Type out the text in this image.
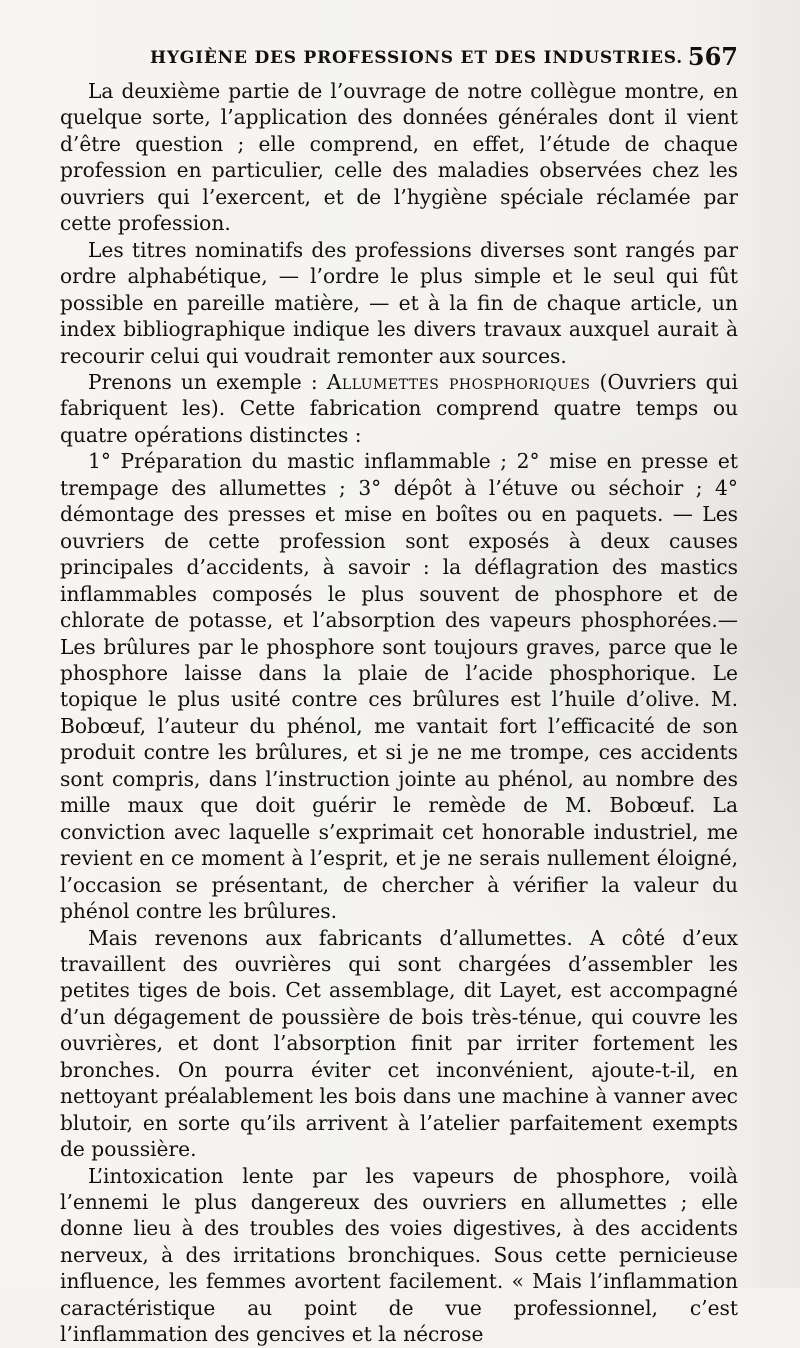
HYGIÈNE DES PROFESSIONS ET DES INDUSTRIES. 567

La deuxième partie de l’ouvrage de notre collègue montre, en quelque sorte, l’application des données générales dont il vient d’être question ; elle comprend, en effet, l’étude de chaque profession en particulier, celle des maladies observées chez les ouvriers qui l’exercent, et de l’hygiène spéciale réclamée par cette profession.

Les titres nominatifs des professions diverses sont rangés par ordre alphabétique, — l’ordre le plus simple et le seul qui fût possible en pareille matière, — et à la fin de chaque article, un index bibliographique indique les divers travaux auxquel aurait à recourir celui qui voudrait remonter aux sources.

Prenons un exemple : Allumettes phosphoriques (Ouvriers qui fabriquent les). Cette fabrication comprend quatre temps ou quatre opérations distinctes :

1° Préparation du mastic inflammable ; 2° mise en presse et trempage des allumettes ; 3° dépôt à l’étuve ou séchoir ; 4° démontage des presses et mise en boîtes ou en paquets. — Les ouvriers de cette profession sont exposés à deux causes principales d’accidents, à savoir : la déflagration des mastics inflammables composés le plus souvent de phosphore et de chlorate de potasse, et l’absorption des vapeurs phosphorées.—Les brûlures par le phosphore sont toujours graves, parce que le phosphore laisse dans la plaie de l’acide phosphorique. Le topique le plus usité contre ces brûlures est l’huile d’olive. M. Bobœuf, l’auteur du phénol, me vantait fort l’efficacité de son produit contre les brûlures, et si je ne me trompe, ces accidents sont compris, dans l’instruction jointe au phénol, au nombre des mille maux que doit guérir le remède de M. Bobœuf. La conviction avec laquelle s’exprimait cet honorable industriel, me revient en ce moment à l’esprit, et je ne serais nullement éloigné, l’occasion se présentant, de chercher à vérifier la valeur du phénol contre les brûlures.

Mais revenons aux fabricants d’allumettes. A côté d’eux travaillent des ouvrières qui sont chargées d’assembler les petites tiges de bois. Cet assemblage, dit Layet, est accompagné d’un dégagement de poussière de bois très-ténue, qui couvre les ouvrières, et dont l’absorption finit par irriter fortement les bronches. On pourra éviter cet inconvénient, ajoute-t-il, en nettoyant préalablement les bois dans une machine à vanner avec blutoir, en sorte qu’ils arrivent à l’atelier parfaitement exempts de poussière.

L’intoxication lente par les vapeurs de phosphore, voilà l’ennemi le plus dangereux des ouvriers en allumettes ; elle donne lieu à des troubles des voies digestives, à des accidents nerveux, à des irritations bronchiques. Sous cette pernicieuse influence, les femmes avortent facilement. « Mais l’inflammation caractéristique au point de vue professionnel, c’est l’inflammation des gencives et la nécrose
